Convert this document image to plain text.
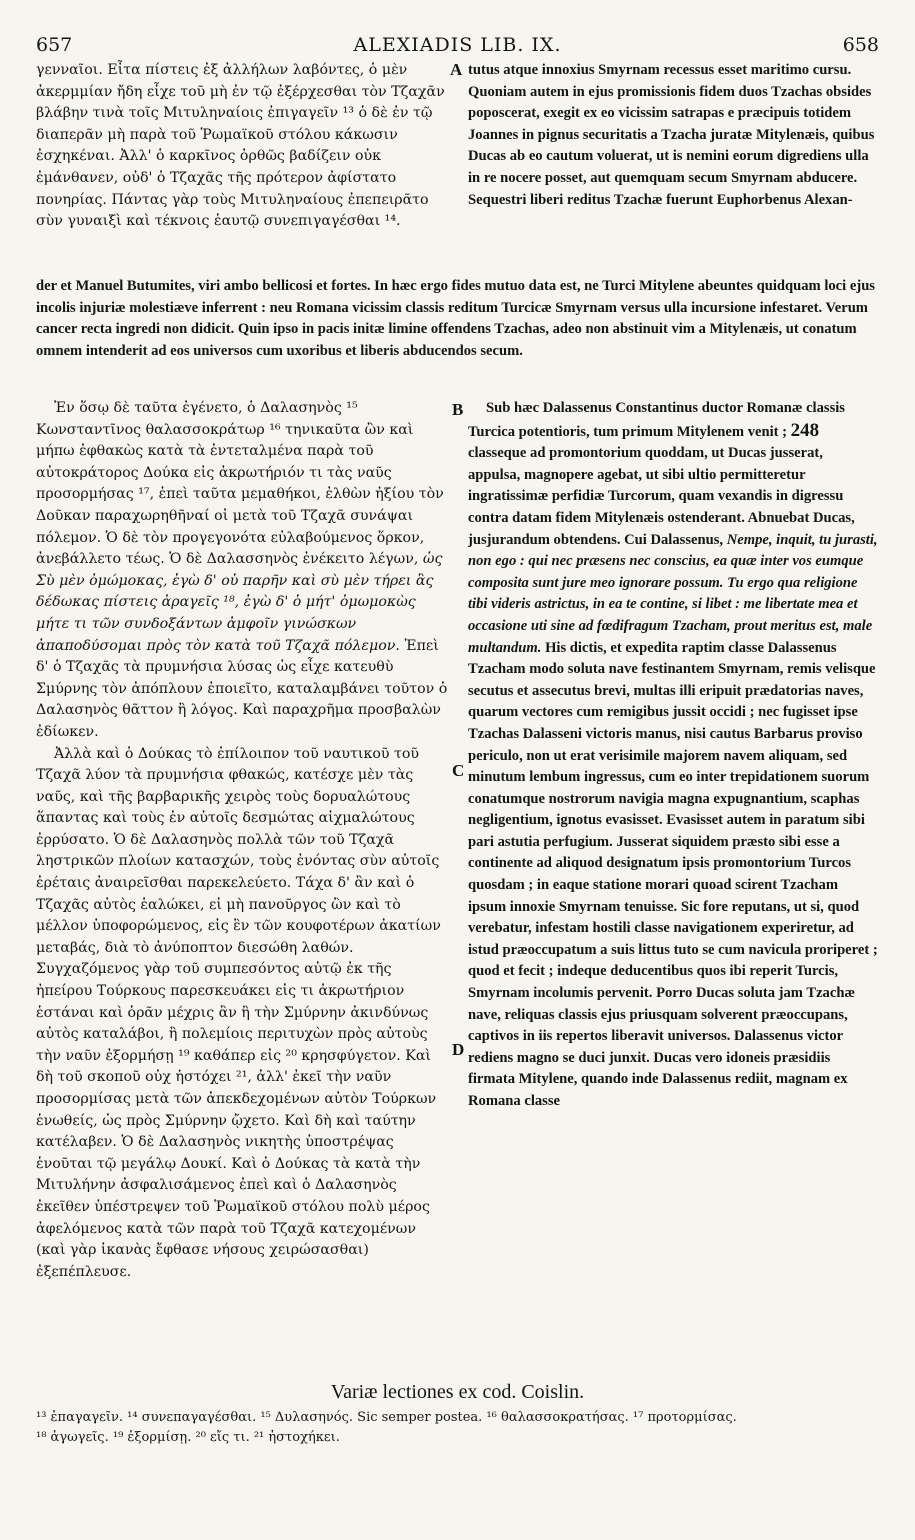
657	ALEXIADIS LIB. IX.	658

γενναῖοι. Εἶτα πίστεις ἐξ ἀλλήλων λαβόντες, ὁ μὲν ἀκερμμίαν ἤδη εἶχε τοῦ μὴ ἐν τῷ ἐξέρχεσθαι τὸν Τζαχᾶν βλάβην τινὰ τοῖς Μιτυληναίοις ἐπιγαγεῖν ¹³ ὁ δὲ ἐν τῷ διαπερᾶν μὴ παρὰ τοῦ Ῥωμαϊκοῦ στόλου κάκωσιν ἐσχηκέναι. Ἀλλ' ὁ καρκῖνος ὀρθῶς βαδίζειν οὐκ ἐμάνθανεν, οὐδ' ὁ Τζαχᾶς τῆς πρότερον ἀφίστατο πονηρίας. Πάντας γὰρ τοὺς Μιτυληναίους ἐπεπειρᾶτο σὺν γυναιξὶ καὶ τέκνοις ἑαυτῷ συνεπιγαγέσθαι ¹⁴.

A tutus atque innoxius Smyrnam recessus esset maritimo cursu. Quoniam autem in ejus promissionis fidem duos Tzachas obsides poposcerat, exegit ex eo vicissim satrapas e præcipuis totidem Joannes in pignus securitatis a Tzacha juratæ Mitylenæis, quibus Ducas ab eo cautum voluerat, ut is nemini eorum digrediens ulla in re nocere posset, aut quemquam secum Smyrnam abducere. Sequestri liberi reditus Tzachæ fuerunt Euphorbenus Alexan-

der et Manuel Butumites, viri ambo bellicosi et fortes. In hæc ergo fides mutuo data est, ne Turci Mitylene abeuntes quidquam loci ejus incolis injuriæ molestiæve inferrent : neu Romana vicissim classis reditum Turcicæ Smyrnam versus ulla incursione infestaret. Verum cancer recta ingredi non didicit. Quin ipso in pacis initæ limine offendens Tzachas, adeo non abstinuit vim a Mitylenæis, ut conatum omnem intenderit ad eos universos cum uxoribus et liberis abducendos secum.

Ἐν ὅσῳ δὲ ταῦτα ἐγένετο, ὁ Δαλασηνὸς ¹⁵ Κωνσταντῖνος θαλασσοκράτωρ ¹⁶ τηνικαῦτα ὢν καὶ μήπω ἐφθακὼς κατὰ τὰ ἐντεταλμένα παρὰ τοῦ αὐτοκράτορος Δούκα εἰς ἀκρωτήριόν τι τὰς ναῦς προσορμήσας ¹⁷, ἐπεὶ ταῦτα μεμαθήκοι, ἐλθὼν ἠξίου τὸν Δοῦκαν παραχωρηθῆναί οἱ μετὰ τοῦ Τζαχᾶ συνάψαι πόλεμον. Ὁ δὲ τὸν προγεγονότα εὐλαβούμενος ὅρκον, ἀνεβάλλετο τέως. Ὁ δὲ Δαλασσηνὸς ἐνέκειτο λέγων, ὡς Σὺ μὲν ὀμώμοκας, ἐγὼ δ' οὐ παρῆν καὶ σὺ μὲν τήρει ἃς δέδωκας πίστεις ἀραγεῖς ¹⁸, ἐγὼ δ' ὁ μήτ' ὀμωμοκὼς μήτε τι τῶν συνδοξάντων ἀμφοῖν γινώσκων ἀπαποδύσομαι πρὸς τὸν κατὰ τοῦ Τζαχᾶ πόλεμον. Ἐπεὶ δ' ὁ Τζαχᾶς τὰ πρυμνήσια λύσας ὡς εἶχε κατευθὺ Σμύρνης τὸν ἀπόπλουν ἐποιεῖτο, καταλαμβάνει τοῦτον ὁ Δαλασηνὸς θᾶττον ἢ λόγος. Καὶ παραχρῆμα προσβαλὼν ἐδίωκεν.

Ἀλλὰ καὶ ὁ Δούκας τὸ ἐπίλοιπον τοῦ ναυτικοῦ τοῦ Τζαχᾶ λύον τὰ πρυμνήσια φθακώς, κατέσχε μὲν τὰς ναῦς, καὶ τῆς βαρβαρικῆς χειρὸς τοὺς δορυαλώτους ἅπαντας καὶ τοὺς ἐν αὐτοῖς δεσμώτας αἰχμαλώτους ἐρρύσατο. Ὁ δὲ Δαλασηνὸς πολλὰ τῶν τοῦ Τζαχᾶ ληστρικῶν πλοίων κατασχών, τοὺς ἐνόντας σὺν αὐτοῖς ἐρέταις ἀναιρεῖσθαι παρεκελεύετο. Τάχα δ' ἂν καὶ ὁ Τζαχᾶς αὐτὸς ἑαλώκει, εἰ μὴ πανοῦργος ὢν καὶ τὸ μέλλον ὑποφορώμενος, εἰς ἓν τῶν κουφοτέρων ἀκατίων μεταβάς, διὰ τὸ ἀνύποπτον διεσώθη λαθών. Συγχαζόμενος γὰρ τοῦ συμπεσόντος αὐτῷ ἐκ τῆς ἠπείρου Τούρκους παρεσκευάκει εἰς τι ἀκρωτήριον ἑστάναι καὶ ὁρᾶν μέχρις ἂν ἢ τὴν Σμύρνην ἀκινδύνως αὐτὸς καταλάβοι, ἢ πολεμίοις περιτυχὼν πρὸς αὐτοὺς τὴν ναῦν ἐξορμήσῃ ¹⁹ καθάπερ εἰς ²⁰ κρησφύγετον. Καὶ δὴ τοῦ σκοποῦ οὐχ ἡστόχει ²¹, ἀλλ' ἐκεῖ τὴν ναῦν προσορμίσας μετὰ τῶν ἀπεκδεχομένων αὐτὸν Τούρκων ἑνωθείς, ὡς πρὸς Σμύρνην ᾤχετο. Καὶ δὴ καὶ ταύτην κατέλαβεν. Ὁ δὲ Δαλασηνὸς νικητὴς ὑποστρέψας ἑνοῦται τῷ μεγάλῳ Δουκί. Καὶ ὁ Δούκας τὰ κατὰ τὴν Μιτυλήνην ἀσφαλισάμενος ἐπεὶ καὶ ὁ Δαλασηνὸς ἐκεῖθεν ὑπέστρεψεν τοῦ Ῥωμαϊκοῦ στόλου πολὺ μέρος ἀφελόμενος κατὰ τῶν παρὰ τοῦ Τζαχᾶ κατεχομένων (καὶ γὰρ ἱκανὰς ἔφθασε νήσους χειρώσασθαι) ἐξεπέπλευσε.

B
C
D

Sub hæc Dalassenus Constantinus ductor Romanæ classis Turcica potentioris, tum primum Mitylenem venit ; 248 classeque ad promontorium quoddam, ut Ducas jusserat, appulsa, magnopere agebat, ut sibi ultio permitteretur ingratissimæ perfidiæ Turcorum, quam vexandis in digressu contra datam fidem Mitylenæis ostenderant. Abnuebat Ducas, jusjurandum obtendens. Cui Dalassenus, Nempe, inquit, tu jurasti, non ego : qui nec præsens nec conscius, ea quæ inter vos eumque composita sunt jure meo ignorare possum. Tu ergo qua religione tibi videris astrictus, in ea te contine, si libet : me libertate mea et occasione uti sine ad fœdifragum Tzacham, prout meritus est, male multandum. His dictis, et expedita raptim classe Dalassenus Tzacham modo soluta nave festinantem Smyrnam, remis velisque secutus et assecutus brevi, multas illi eripuit prædatorias naves, quarum vectores cum remigibus jussit occidi ; nec fugisset ipse Tzachas Dalasseni victoris manus, nisi cautus Barbarus proviso periculo, non ut erat verisimile majorem navem aliquam, sed minutum lembum ingressus, cum eo inter trepidationem suorum conatumque nostrorum navigia magna expugnantium, scaphas negligentium, ignotus evasisset. Evasisset autem in paratum sibi pari astutia perfugium. Jusserat siquidem præsto sibi esse a continente ad aliquod designatum ipsis promontorium Turcos quosdam ; in eaque statione morari quoad scirent Tzacham ipsum innoxie Smyrnam tenuisse. Sic fore reputans, ut si, quod verebatur, infestam hostili classe navigationem experiretur, ad istud præoccupatum a suis littus tuto se cum navicula proriperet ; quod et fecit ; indeque deducentibus quos ibi reperit Turcis, Smyrnam incolumis pervenit. Porro Ducas soluta jam Tzachæ nave, reliquas classis ejus priusquam solverent præoccupans, captivos in iis repertos liberavit universos. Dalassenus victor rediens magno se duci junxit. Ducas vero idoneis præsidiis firmata Mitylene, quando inde Dalassenus rediit, magnam ex Romana classe

Variæ lectiones ex cod. Coislin.

¹³ ἐπαγαγεῖν. ¹⁴ συνεπαγαγέσθαι. ¹⁵ Δυλασηνός. Sic semper postea. ¹⁶ θαλασσοκρατήσας. ¹⁷ προτορμίσας.

¹⁸ ἀγωγεῖς. ¹⁹ ἐξορμίσῃ. ²⁰ εἴς τι. ²¹ ἠστοχήκει.
